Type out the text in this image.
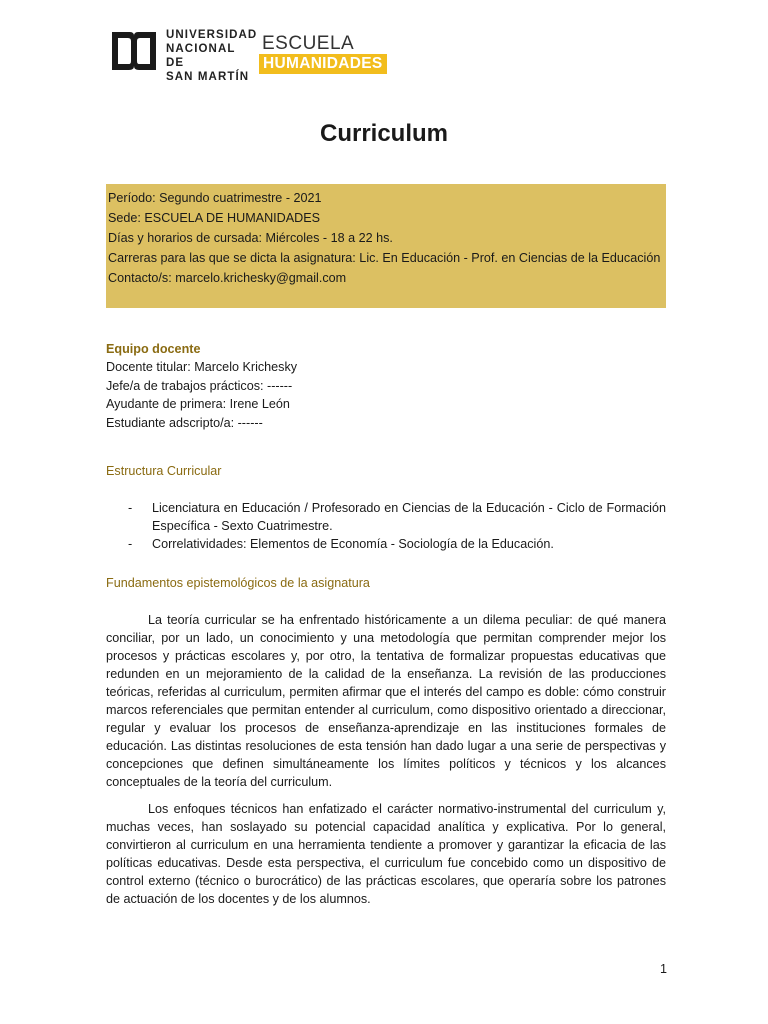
UNIVERSIDAD
NACIONAL DE
SAN MARTÍN
ESCUELA
HUMANIDADES
Curriculum

Período: Segundo cuatrimestre - 2021

Sede: ESCUELA DE HUMANIDADES

Días y horarios de cursada: Miércoles - 18 a 22 hs.

Carreras para las que se dicta la asignatura: Lic. En Educación - Prof. en Ciencias de la Educación

Contacto/s: marcelo.krichesky@gmail.com

Equipo docente

Docente titular: Marcelo Krichesky

Jefe/a de trabajos prácticos: ------

Ayudante de primera: Irene León

Estudiante adscripto/a: ------

Estructura Curricular
- Licenciatura en Educación / Profesorado en Ciencias de la Educación - Ciclo de Formación Específica - Sexto Cuatrimestre.
- Correlatividades: Elementos de Economía - Sociología de la Educación.
Fundamentos epistemológicos de la asignatura

La teoría curricular se ha enfrentado históricamente a un dilema peculiar: de qué manera conciliar, por un lado, un conocimiento y una metodología que permitan comprender mejor los procesos y prácticas escolares y, por otro, la tentativa de formalizar propuestas educativas que redunden en un mejoramiento de la calidad de la enseñanza. La revisión de las producciones teóricas, referidas al curriculum, permiten afirmar que el interés del campo es doble: cómo construir marcos referenciales que permitan entender al curriculum, como dispositivo orientado a direccionar, regular y evaluar los procesos de enseñanza-aprendizaje en las instituciones formales de educación. Las distintas resoluciones de esta tensión han dado lugar a una serie de perspectivas y concepciones que definen simultáneamente los límites políticos y técnicos y los alcances conceptuales de la teoría del curriculum.

Los enfoques técnicos han enfatizado el carácter normativo-instrumental del curriculum y, muchas veces, han soslayado su potencial capacidad analítica y explicativa. Por lo general, convirtieron al curriculum en una herramienta tendiente a promover y garantizar la eficacia de las políticas educativas. Desde esta perspectiva, el curriculum fue concebido como un dispositivo de control externo (técnico o burocrático) de las prácticas escolares, que operaría sobre los patrones de actuación de los docentes y de los alumnos.

1
